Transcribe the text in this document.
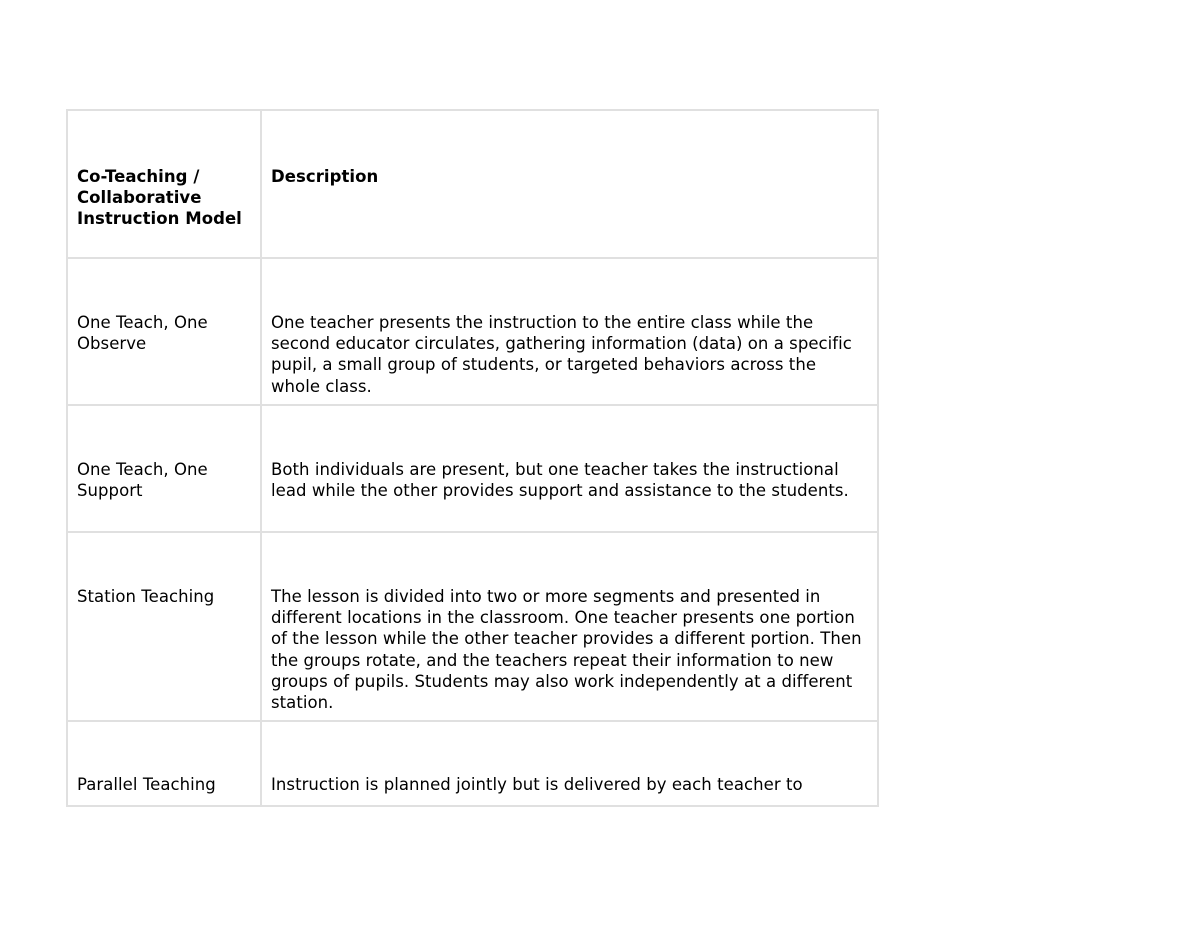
Co-Teaching / Collaborative Instruction Model
Description
One Teach, One Observe
One teacher presents the instruction to the entire class while the second educator circulates, gathering information (data) on a specific pupil, a small group of students, or targeted behaviors across the whole class.
One Teach, One Support
Both individuals are present, but one teacher takes the instructional lead while the other provides support and assistance to the students.
Station Teaching	The lesson is divided into two or more segments and presented in different locations in the classroom. One teacher presents one portion of the lesson while the other teacher provides a different portion. Then the groups rotate, and the teachers repeat their information to new groups of pupils. Students may also work independently at a different station.
Parallel Teaching	Instruction is planned jointly but is delivered by each teacher to
